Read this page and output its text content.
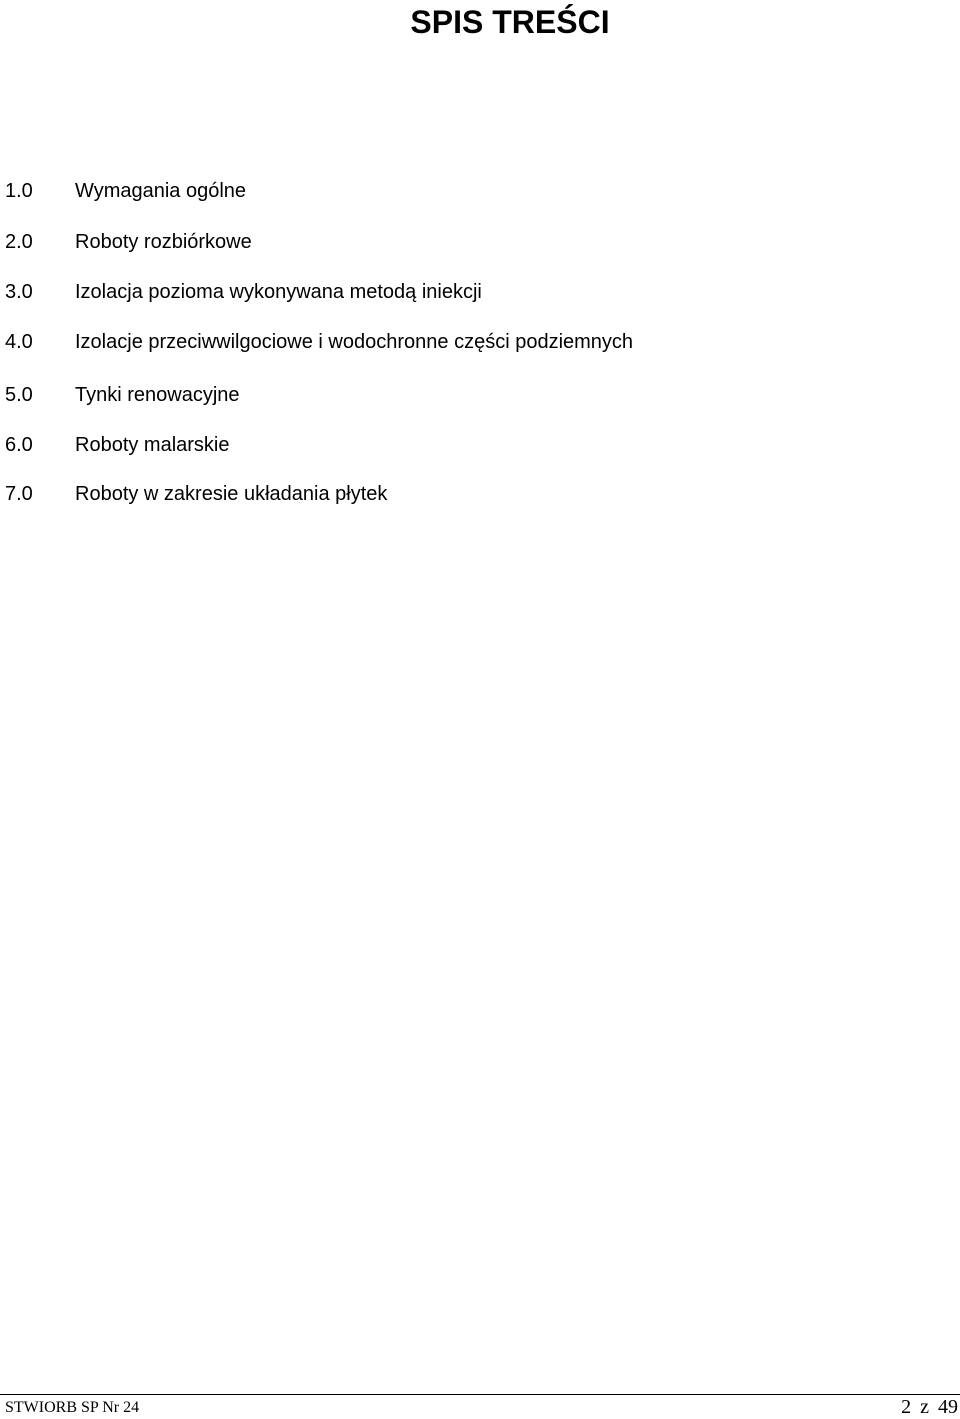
SPIS TREŚCI
1.0	Wymagania ogólne
2.0	Roboty rozbiórkowe
3.0	Izolacja pozioma wykonywana metodą iniekcji
4.0	Izolacje przeciwwilgociowe i wodochronne części podziemnych
5.0	Tynki renowacyjne
6.0	Roboty malarskie
7.0	Roboty w zakresie układania płytek
STWIORB SP Nr 24	2 z 49
